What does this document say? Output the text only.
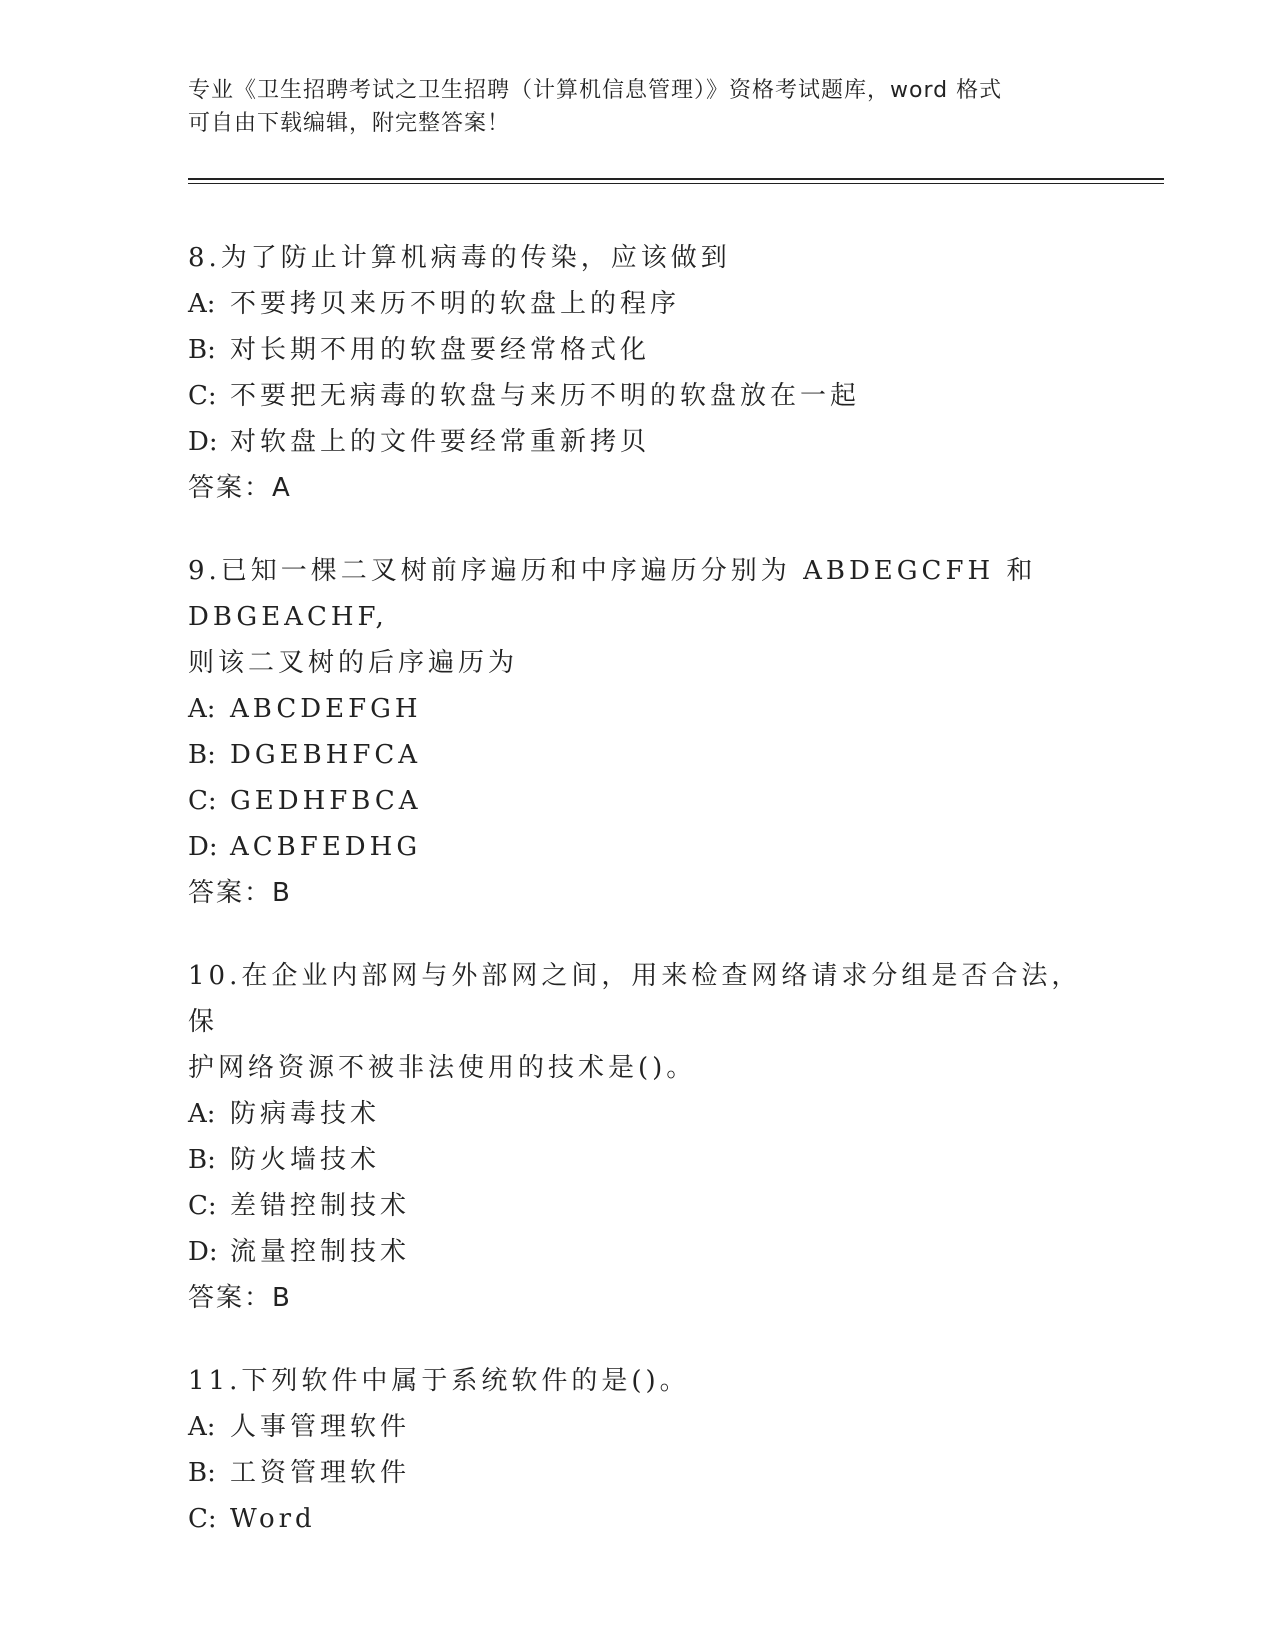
专业《卫生招聘考试之卫生招聘（计算机信息管理）》资格考试题库，word 格式
可自由下载编辑，附完整答案！
8.为了防止计算机病毒的传染，应该做到
A: 不要拷贝来历不明的软盘上的程序
B: 对长期不用的软盘要经常格式化
C: 不要把无病毒的软盘与来历不明的软盘放在一起
D: 对软盘上的文件要经常重新拷贝
答案：A
9.已知一棵二叉树前序遍历和中序遍历分别为 ABDEGCFH 和 DBGEACHF,
则该二叉树的后序遍历为
A: ABCDEFGH
B: DGEBHFCA
C: GEDHFBCA
D: ACBFEDHG
答案：B
10.在企业内部网与外部网之间，用来检查网络请求分组是否合法，保
护网络资源不被非法使用的技术是()。
A: 防病毒技术
B: 防火墙技术
C: 差错控制技术
D: 流量控制技术
答案：B
11.下列软件中属于系统软件的是()。
A: 人事管理软件
B: 工资管理软件
C: Word
